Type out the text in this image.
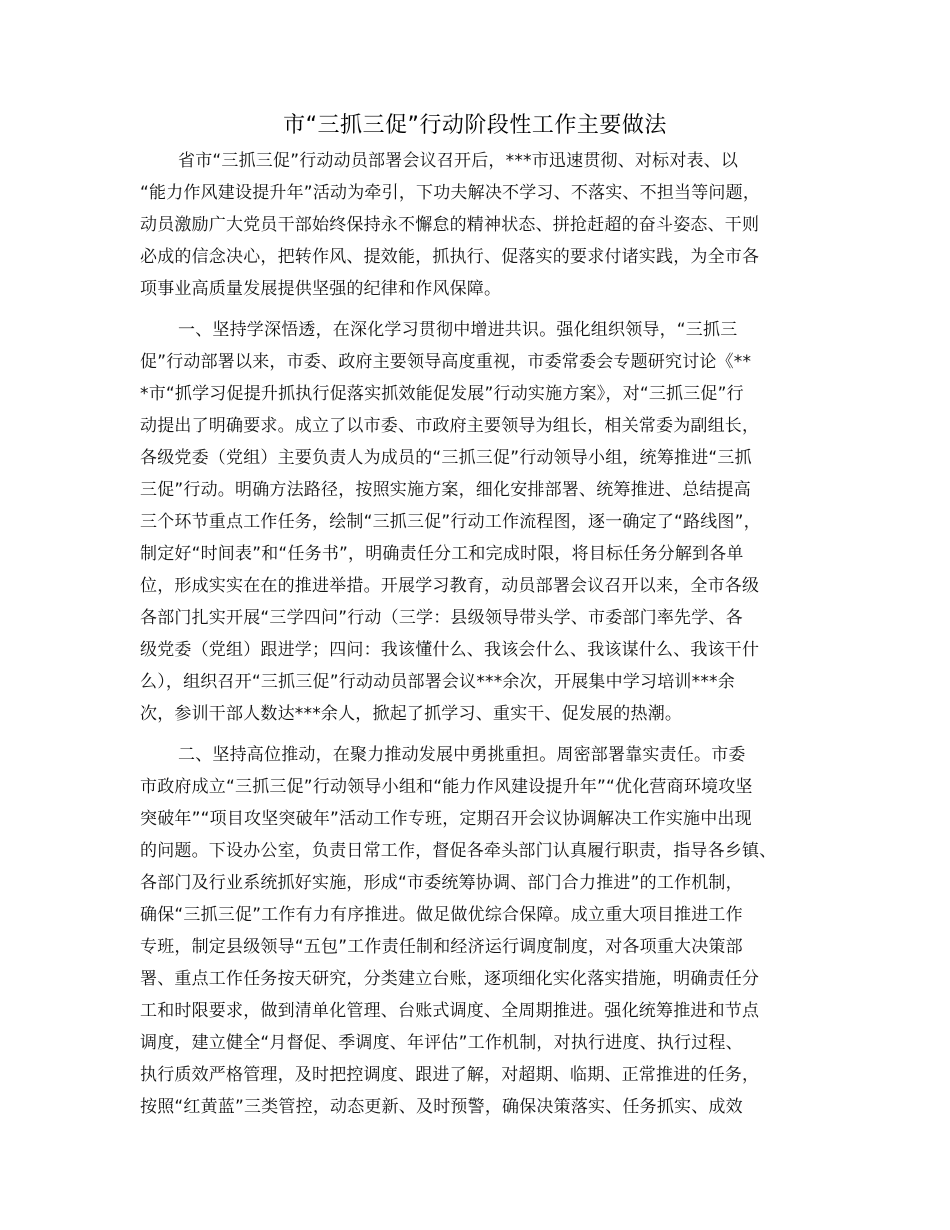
市“三抓三促”行动阶段性工作主要做法
省市“三抓三促”行动动员部署会议召开后，***市迅速贯彻、对标对表、以
“能力作风建设提升年”活动为牵引，下功夫解决不学习、不落实、不担当等问题，
动员激励广大党员干部始终保持永不懈怠的精神状态、拼抢赶超的奋斗姿态、干则
必成的信念决心，把转作风、提效能，抓执行、促落实的要求付诸实践，为全市各
项事业高质量发展提供坚强的纪律和作风保障。
一、坚持学深悟透，在深化学习贯彻中增进共识。强化组织领导，“三抓三
促”行动部署以来，市委、政府主要领导高度重视，市委常委会专题研究讨论《**
*市“抓学习促提升抓执行促落实抓效能促发展”行动实施方案》，对“三抓三促”行
动提出了明确要求。成立了以市委、市政府主要领导为组长，相关常委为副组长，
各级党委（党组）主要负责人为成员的“三抓三促”行动领导小组，统筹推进“三抓
三促”行动。明确方法路径，按照实施方案，细化安排部署、统筹推进、总结提高
三个环节重点工作任务，绘制“三抓三促”行动工作流程图，逐一确定了“路线图”，
制定好“时间表”和“任务书”，明确责任分工和完成时限，将目标任务分解到各单
位，形成实实在在的推进举措。开展学习教育，动员部署会议召开以来，全市各级
各部门扎实开展“三学四问”行动（三学：县级领导带头学、市委部门率先学、各
级党委（党组）跟进学；四问：我该懂什么、我该会什么、我该谋什么、我该干什
么），组织召开“三抓三促”行动动员部署会议***余次，开展集中学习培训***余
次，参训干部人数达***余人，掀起了抓学习、重实干、促发展的热潮。
二、坚持高位推动，在聚力推动发展中勇挑重担。周密部署靠实责任。市委
市政府成立“三抓三促”行动领导小组和“能力作风建设提升年”“优化营商环境攻坚
突破年”“项目攻坚突破年”活动工作专班，定期召开会议协调解决工作实施中出现
的问题。下设办公室，负责日常工作，督促各牵头部门认真履行职责，指导各乡镇、
各部门及行业系统抓好实施，形成“市委统筹协调、部门合力推进”的工作机制，
确保“三抓三促”工作有力有序推进。做足做优综合保障。成立重大项目推进工作
专班，制定县级领导“五包”工作责任制和经济运行调度制度，对各项重大决策部
署、重点工作任务按天研究，分类建立台账，逐项细化实化落实措施，明确责任分
工和时限要求，做到清单化管理、台账式调度、全周期推进。强化统筹推进和节点
调度，建立健全“月督促、季调度、年评估”工作机制，对执行进度、执行过程、
执行质效严格管理，及时把控调度、跟进了解，对超期、临期、正常推进的任务，
按照“红黄蓝”三类管控，动态更新、及时预警，确保决策落实、任务抓实、成效
